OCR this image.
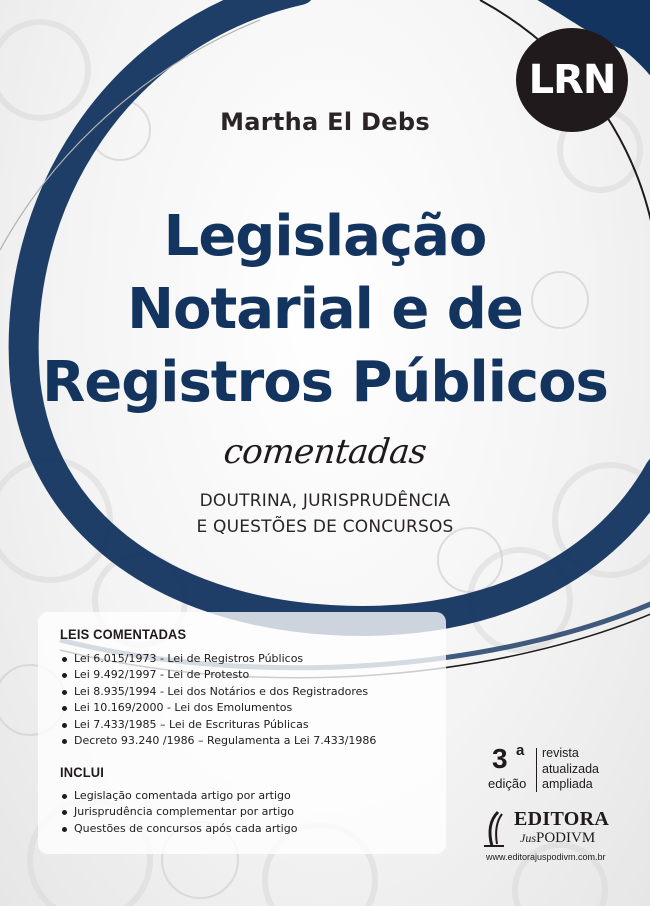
LRN
Martha El Debs
Legislação
Notarial e de
Registros Públicos
comentadas
DOUTRINA, JURISPRUDÊNCIA
E QUESTÕES DE CONCURSOS
LEIS COMENTADAS
Lei 6.015/1973 - Lei de Registros Públicos
Lei 9.492/1997 - Lei de Protesto
Lei 8.935/1994 - Lei dos Notários e dos Registradores
Lei 10.169/2000 - Lei dos Emolumentos
Lei 7.433/1985 – Lei de Escrituras Públicas
Decreto 93.240 /1986 – Regulamenta a Lei 7.433/1986
INCLUI
Legislação comentada artigo por artigo
Jurisprudência complementar por artigo
Questões de concursos após cada artigo
3 a
edição
revista
atualizada
ampliada
EDITORA
JusPODIVM
www.editorajuspodivm.com.br
